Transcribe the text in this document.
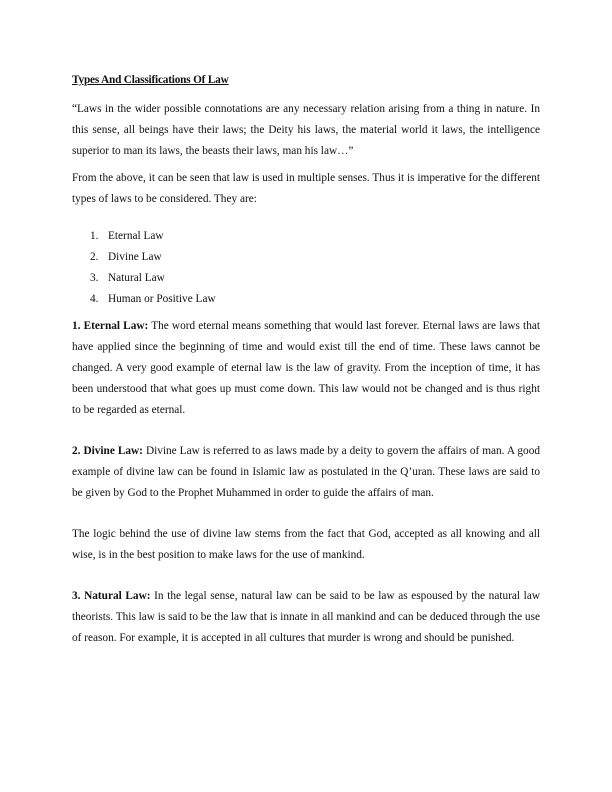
Types And Classifications Of Law

“Laws in the wider possible connotations are any necessary relation arising from a thing in nature. In this sense, all beings have their laws; the Deity his laws, the material world it laws, the intelligence superior to man its laws, the beasts their laws, man his law…”

From the above, it can be seen that law is used in multiple senses. Thus it is imperative for the different types of laws to be considered. They are:

1. Eternal Law
2. Divine Law
3. Natural Law
4. Human or Positive Law

1. Eternal Law: The word eternal means something that would last forever. Eternal laws are laws that have applied since the beginning of time and would exist till the end of time. These laws cannot be changed. A very good example of eternal law is the law of gravity. From the inception of time, it has been understood that what goes up must come down. This law would not be changed and is thus right to be regarded as eternal.

2. Divine Law: Divine Law is referred to as laws made by a deity to govern the affairs of man. A good example of divine law can be found in Islamic law as postulated in the Q’uran. These laws are said to be given by God to the Prophet Muhammed in order to guide the affairs of man.

The logic behind the use of divine law stems from the fact that God, accepted as all knowing and all wise, is in the best position to make laws for the use of mankind.

3. Natural Law: In the legal sense, natural law can be said to be law as espoused by the natural law theorists. This law is said to be the law that is innate in all mankind and can be deduced through the use of reason. For example, it is accepted in all cultures that murder is wrong and should be punished.
